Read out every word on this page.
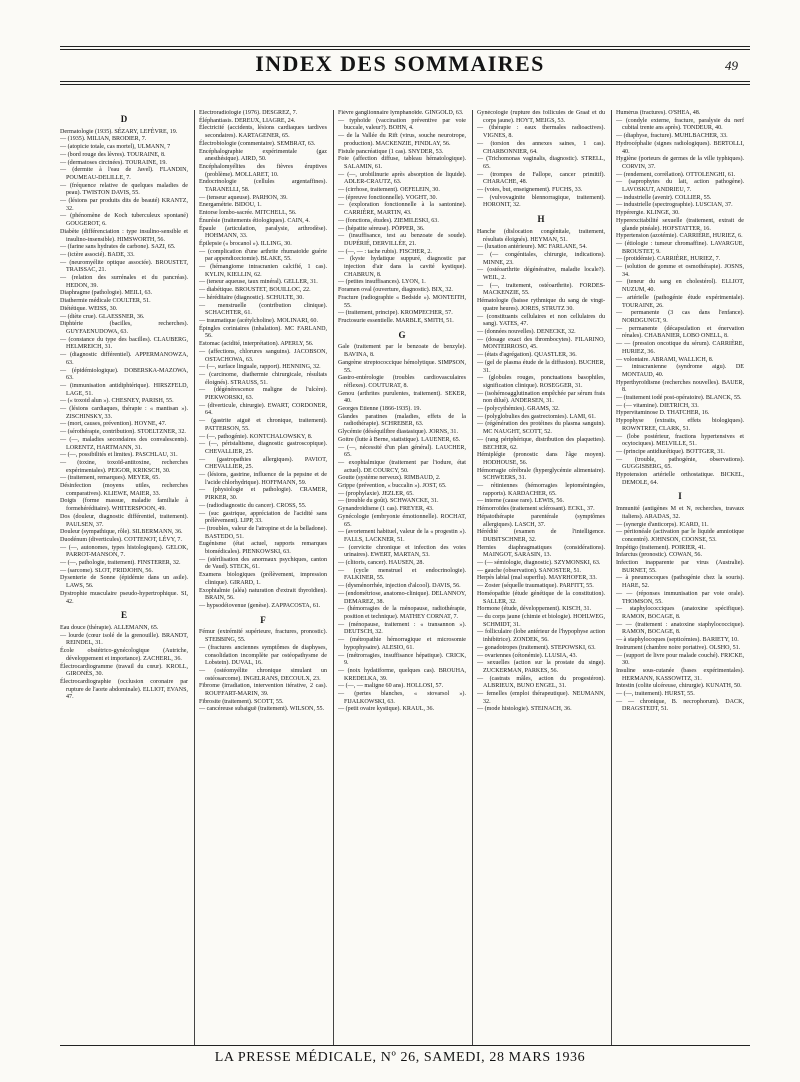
INDEX DES SOMMAIRES	49
D

Dermatologie (1935). SÉZARY, LEFÈVRE, 19.

— (1935). MILIAN, BRODIER, 7.

— (atopicie totale, cas mortel), ULMANN, 7

— (bord rouge des lèvres). TOURAINE, 8.

— (dermatoses circinées). TOURAINE, 19.

— (dermite à l'eau de Javel). FLANDIN, POUMEAU-DELILLE, 7.

— (fréquence relative de quelques maladies de peau). TWISTON DAVIS, 55.

— (lésions par produits dits de beauté) KRANTZ, 32.

— (phénomène de Koch tuberculeux spontané) GOUGEROT, 6.

Diabète (différenciation : type insulino-sensible et insulino-insensible). HIMSWORTH, 56.

— (farine sans hydrates de carbone). SAZI, 65.

— (ictère associé). BADE, 33.

— (neuromyélite optique associée). BROUSTET, TRAISSAC, 21.

— (relation des surrénales et du pancréas). HEDON, 39.

Diaphragme (pathologie). MEILI, 63.

Diathermie médicale COULTER, 51.

Diététique. WEISS, 30.

— (diète crue). GLAESSNER, 36.

Diphtérie (bacilles, recherches). GUYFAENUDOWA, 63.

— (constance du type des bacilles). CLAUBERG, HELMREICH, 31.

— (diagnostic différentiel). APPERMANOWZA, 63.

— (épidémiologique). DOBERSKA-MAZOWA, 63.

— (immunisation antidiphtérique). HIRSZFELD, LAGE, 51.

— (« toxoid alun »). CHESNEY, PARISH, 55.

— (lésions cardiaques, thérapie : « mantisan »). ZISCHINSKY, 33.

— (mort, causes, prévention). HOYNE, 47.

— (sérothérapie, contribution). STOELTZNER, 32.

— (—, maladies secondaires des convalescents). LORENTZ, HARTMANN, 31.

— (—, possibilités et limites). PASCHLAU, 31.

— (toxine, toxoïd-antitoxine, recherches expérimentales). PEIGOR, KRIKSCH, 30.

— (traitement, remarques). MEYER, 65.

Désinfection (moyens utiles, recherches comparatives). KLIEWE, MAIER, 33.

Doigts (forme massue, maladie familiale à formehéréditaire). WHITERSPOON, 49.

Dos (douleur, diagnostic différentiel, traitement). PAULSEN, 37.

Douleur (sympathique, rôle). SILBERMANN, 36.

Duodénum (diverticules). COTTENOT, LÉVY, 7.

— (—, autonomes, types histologiques). GELOK, PARROT-MANSON, 7.

— (—, pathologie, traitement). FINSTERER, 32.

— (sarcome). SLOT, FRIDJOHN, 56.

Dysenterie de Sonne (épidémie dans un asile). LAWS, 56.

Dystrophie musculaire pseudo-hypertrophique. SI, 42.

E

Eau douce (thérapie). ALLEMANN, 65.

— lourde (cœur isolé de la grenouille). BRANDT, REINDEL, 31.

École obstétrico-gynécologique (Autriche, développement et importance). ZACHERL, 36.

Électrocardiogramme (travail du cœur). KROLL, GIRONÈS, 30.

Électrocardiographie (occlusion coronaire par rupture de l'aorte abdominale). ELLIOT, EVANS, 47.

Électroradiologie (1976). DESGREZ, 7.

Éléphantiasis. DEREUX, LIAGRE, 24.

Électricité (accidents, lésions cardiaques tardives secondaires). KARTAGENER, 65.

Électrobiologie (commentaire). SEMBRAT, 63.

Encéphalographie expérimentale (gaz anesthésique). AIRD, 50.

Encéphalomyélites des fièvres éruptives (problème). MOLLARET, 10.

Endocrinologie (cellules argentaffines). TARANELLI, 58.

— (tenseur aqueuse). PARHON, 39.

Energamétrie. BIDOU, 1.

Entorse lombo-sacrée. MITCHELL, 56.

Énurésie (traitements étiologiques). CAIN, 4.

Épaule (articulation, paralysie, arthrodèse). HOHMANN, 33.

Épilepsie (« brocanol »). ILLING, 30.

— (complication d'une arthrite rhumatoïde guérie par appendicectomie). BLAKE, 55.

— (hémangiome intracranien calcifié, 1 cas). KYLIN, KIELLIN, 62.

— (teneur aqueuse, taux minéral). GELLER, 31.

— diabétique. BROUSTET, BOUILLOC, 22.

— héréditaire (diagnostic). SCHULTE, 30.

— menstruelle (contribution clinique). SCHACHTER, 61.

— traumatique (acétylcholine). MOLINARI, 60.

Épingles coriniaires (inhalation). MC FARLAND, 56.

Estomac (acidité, interprétation). APERLY, 56.

— (affections, chlorures sanguins). JACOBSON, OSTACHOWA, 63.

— (—, surface linguale, rapport). HENNING, 32.

— (carcinome, diathermie chirurgicale, résultats éloignés). STRAUSS, 51.

— (dégénérescence maligne de l'ulcère). PIEKWORSKI, 63.

— (diverticule, chirurgie). EWART, CORDONER, 64.

— (gastrite aiguë et chronique, traitement). PATTERSON, 55.

— (—, pathogénie). KONTCHALOWSKY, 8.

— (—, péristaltisme, diagnostic gastroscopique). CHEVALLIER, 25.

— (gastropathies allergiques). PAVIOT, CHEVALLIER, 25.

— (lésions, gastrine, influence de la pepsine et de l'acide chlorhydrique). HOFFMANN, 59.

— (physiologie et pathologie). CRAMER, PIRKER, 30.

— (radiodiagnostic du cancer). CROSS, 55.

— (suc gastrique, appréciation de l'acidité sans prélèvement). LIPP, 33.

— (troubles, valeur de l'atropine et de la belladone). BASTEDO, 51.

Eugénisme (état actuel, rapports remarques biomédicales). PIENKOWSKI, 63.

— (stérilisation des anormaux psychiques, canton de Vaud). STECK, 61.

Examens biologiques (prélèvement, impression clinique). GIRARD, 1.

Exophtalmie (aléa) naturation d'extrait thyroïdien). BRAIN, 56.

— hypsodéiovenue (genèse). ZAPPACOSTA, 61.

F

Fémur (extrémité supérieure, fractures, pronostic). STEBBING, 55.

— (fractures anciennes symptômes de diaphyses, consolidation incomplète par ostéopathysme de Lobstein). DUVAL, 16.

— (ostéomyélite chronique simulant un ostéosarcome). INGELRANS, DECOULX, 23.

Fibrome (irradiation, intervention itérative, 2 cas). ROUFFART-MARIN, 39.

Fibrosite (traitement). SCOTT, 55.

— cancéreuse subaiguë (traitement). WILSON, 55.

Fièvre ganglionnaire lymphanoïde. GINGOLD, 63.

— typhoïde (vaccination préventive par voie buccale, valeur?). BOHN, 4.

— de la Vallée du Rift (virus, souche neurotrope, production). MACKENZIE, FINDLAY, 56.

Fistule pancréatique (1 cas). SNYDER, 53.

Foie (affection diffuse, tableau hématologique). SALAMIN, 61.

— (—, urobilinurie après absorption de liquide). ADLER-CRAUTZ, 63.

— (cirrhose, traitement). OEFELEIN, 30.

— (épreuve fonctionnelle). VOGHT, 30.

— (exploration fonctionnelle à la santonine). CARRIÈRE, MARTIN, 43.

— (fonctions, études). ZIEMILESKI, 63.

— (hépatite séreuse). PÖPPER, 36.

— (insuffisance, test au benzoate de soude). DUPÉRIÉ, DERVILLÉE, 21.

— (—, — : tache rubis). FISCHER, 2.

— (kyste hydatique suppuré, diagnostic par injection d'air dans la cavité kystique). CHABRUN, 8.

— (petites insuffisances). LYON, 1.

Foramen oval (ouverture, diagnostic). BIX, 32.

Fracture (radiographie « Bedside »). MONTEITH, 55.

— (traitement, principe). KROMPECHER, 57.

Fructosurie essentielle. MARBLE, SMITH, 51.

G

Gale (traitement par le benzoate de benzyle). BAVINA, 8.

Gangrène streptococcique hémolytique. SIMPSON, 55.

Gastro-entérologie (troubles cardiovasculaires réflexes). COUTURAT, 8.

Genou (arthrites purulentes, traitement). SEKER, 40.

Georges Etienne (1866-1935). 19.

Glandes paratines (maladies, effets de la radiothérapie). SCHREBER, 63.

Glycémie (déséquilibre diastasique). JORNS, 31.

Goitre (lutte à Berne, statistique). LAUENER, 65.

— (—, nécessité d'un plan général). LAUCHER, 65.

— exophtalmique (traitement par l'iodure, état actuel). DE COURCY, 50.

Goutte (système nerveux). RIMBAUD, 2.

Grippe (prévention, « buccalin »). JOST, 65.

— (prophylaxie). JEZLER, 65.

— (trouble du goût). SCHWANCKE, 31.

Gynandroïdisme (1 cas). FREYER, 43.

Gynécologie (embryonie émotionnelle). ROCHAT, 65.

— (avortement habituel, valeur de la « progestin »). FALLS, LACKNER, 51.

— (cervicite chronique et infection des voies urinaires). EWERT, MARTAN, 53.

— (clitoris, cancer). HAUSEN, 28.

— (cycle menstruel et endocrinologie). FALKINER, 55.

— (dysménorrhée, injection d'alcool). DAVIS, 56.

— (endométriose, anatomo-clinique). DELANNOY, DEMAREZ, 38.

— (hémorragies de la ménopause, radiothérapie, position et technique). MATHEY CORNAT, 7.

— (ménopause, traitement : « transannon »). DEUTSCH, 32.

— (métropathie hémorragique et microsomie hypophysaire). ALESIO, 61.

— (métrorragies, insuffisance hépatique). CRICK, 9.

— (noix hydatiforme, quelques cas). BROUHA, KREDELKA, 39.

— (—, — maligne 60 ans). HOLLOSI, 57.

— (pertes blanches, « stovarsol »). FIJALKOWSKI, 63.

— (petit ovaire kystique). KRAUL, 36.

Gynécologie (rupture des follicules de Graaf et du corps jaune). HOYT, MEIGS, 53.

— (thérapie : eaux thermales radioactives). VIGNES, 8.

— (torsion des annexes saines, 1 cas). CHARBONNIER, 64.

— (Trichomonas vaginalis, diagnostic). STRELL, 65.

— (trompes de Fallope, cancer primitif). CHARACHE, 48.

— (voies, but, enseignement). FUCHS, 33.

— (vulvovaginite blennorragique, traitement). HORONIT, 32.

H

Hanche (dislocation congénitale, traitement, résultats éloignés). HEYMAN, 51.

— (luxation antérieure). MC FARLANE, 54.

— (— congénitales, chirurgie, indications). MINNE, 23.

— (ostéoarthrite dégénérative, maladie locale?). WEIL, 2.

— (—, traitement, ostéoarthrite). FORDES-MACKENZIE, 55.

Hématologie (baisse rythmique du sang de vingt-quatre heures). JORES, STRUTZ 30.

— (constituants cellulaires et non cellulaires du sang). YATES, 47.

— (données nouvelles). DENECKE, 32.

— (dosage exact des thrombocytes). FILARINO, MONTEIRROSO, 45.

— (états d'agrégation). QUASTLER, 36.

— (gel de plasma étude de la diffusion). BUCHER, 31.

— (globules rouges, ponctuations basophiles, signification clinique). ROSEGGER, 31.

— (isohémoagglutination empêchée par sérum frais non dilué). ANDERSEN, 31.

— (polycythémies). GRAMS, 32.

— (polyglobulies des gastrectomies). LAMI, 61.

— (régénération des protéines du plasma sanguin). MC NAUGHT, SCOTT, 52.

— (rang périphérique, distribution des plaquettes). BECHER, 62.

Hémiplégie (pronostic dans l'âge moyen). HODHOUSE, 56.

Hémorragie cérébrale (hyperglycémie alimentaire). SCHWEERS, 31.

— rétiniennes (hémorragies leptoméningées, rapports). KARDACHER, 65.

— interne (cause rare). LEWIS, 56.

Hémorroïdes (traitement sclérosant). ECKL, 37.

Hépatothérapie parentérale (symptômes allergiques). LASCH, 37.

Hérédité (examen de l'intelligence. DUBITSCHNER, 32.

Hernies diaphragmatiques (considérations). MAINGOT, SARASIN, 13.

— (— sémiologie, diagnostic). SZYMONSKI, 63.

— gauche (observation). SANOSTER, 51.

Herpès labial (mal superflu). MAYRHOFER, 33.

— Zoster (séquelle traumatique). PARFITT, 55.

Homéopathie (étude génétique de la constitution). SALLER, 32.

Hormone (étude, développement). KISCH, 31.

— du corps jaune (chimie et biologie). HOHLWEG, SCHMIDT, 31.

— folliculaire (lobe antérieur de l'hypophyse action inhibitrice). ZONDEK, 56.

— gonadotropes (traitement). STEPOWSKI, 63.

— ovariennes (cétonémie). LLUSIA, 43.

— sexuelles (action sur la prostate du singe). ZUCKERMAN, PARKES, 56.

— (castrats mâles, action du progestéron). ALBRIEUX, BUNO ENGEL, 31.

— femelles (emploi thérapeutique). NEUMANN, 32.

— (mode histologie). STEINACH, 36.

Humérus (fractures). O'SHEA, 48.

— (condyle externe, fracture, paralysie du nerf cubital trente ans après). TONDEUR, 40.

— (diaphyse, fracture). MUHLBACHER, 33.

Hydrocéphalie (signes radiologiques). BERTOLLI, 40.

Hygiène (porteurs de germes de la ville typhiques). CORVIN, 37.

— (rendement, corrélation). OTTOLENGHI, 61.

— (saprophytes du lait, action pathogène). LAVOSKUT, ANDRIEU, 7.

— industrielle (avenir). COLLIER, 55.

— industrielle (spectrographie). LUSCIAN, 37.

Hypérergie. KLINGE, 30.

Hyperexcitabilité sexuelle (traitement, extrait de glande pinéale). HOFSTATTER, 16.

Hypertension (azotémie). CARRIÈRE, HURIEZ, 6.

— (étiologie : tumeur chromaffine). LAVARGUE, BROUSTET, 9.

— (protidémie). CARRIÈRE, HURIEZ, 7.

— (solution de gomme et osmothérapie). JOSNS, 34.

— (teneur du sang en cholestérol). ELLIOT, NUZUM, 40.

— artérielle (pathogénie étude expérimentale). TOURAINE, 26.

— permanente (3 cas dans l'enfance). NORDGUNGT, 9.

— permanente (décapsulation et énervation rénales). CHABANIER, LOBO ONELL, 8.

— — (pression oncotique du sérum). CARRIÈRE, HURIEZ, 36.

— volontaire. ABRAMI, WALLICH, 8.

— intracranienne (syndrome aigu). DE MONTAUD, 40.

Hyperthyroïdisme (recherches nouvelles). BAUER, 8.

— (traitement iodé post-opératoire). BLANCK, 55.

— (— vitamine). DIETRICH, 33.

Hypervitaminose D. THATCHER, 16.

Hypophyse (extraits, effets biologiques). ROWNTREE, CLARK, 51.

— (lobe postérieur, fractions hypertensives et ocytociques). MELVILLE, 51.

— (principe antidiurétique). BOTTGER, 31.

— (trouble, pathogénie, observations). GUGGISBERG, 65.

Hypotension artérielle orthostatique. BICKEL, DEMOLE, 64.

I

Immunité (antigènes M et N, recherches, travaux italiens). ARADAS, 32.

— (synergie d'anticorps). ICARD, 11.

— péritonéale (activation par le liquide amniotique concentré). JOHNSON, COONSE, 53.

Impétigo (traitement). POIRIER, 41.

Infarctus (pronostic). COWAN, 56.

Infection inapparente par virus (Australie). BURNET, 55.

— à pneumocoques (pathogénie chez la souris). HARE, 52.

— — (réponses immunisation par voie orale). THOMSON, 55.

— staphylococciques (anatoxine spécifique). RAMON, BOCAGE, 8.

— — (traitement : anatoxine staphylococcique). RAMON, BOCAGE, 8.

— à staphylocoques (septicémies). BARIETY, 10.

Instrument (chambre noire portative). OLSHO, 51.

— (support de livre pour malade couché). FRICKE, 30.

Insuline sous-cutanée (bases expérimentales). HERMANN, KASSOWITZ, 31.

Intestin (colite ulcéreuse, chirurgie). KUNATH, 50.

— (—, traitement). HURST, 55.

— — chronique, B. necrophorum). DACK, DRAGSTEDT, 51.

LA PRESSE MÉDICALE, Nº 26, SAMEDI, 28 MARS 1936
